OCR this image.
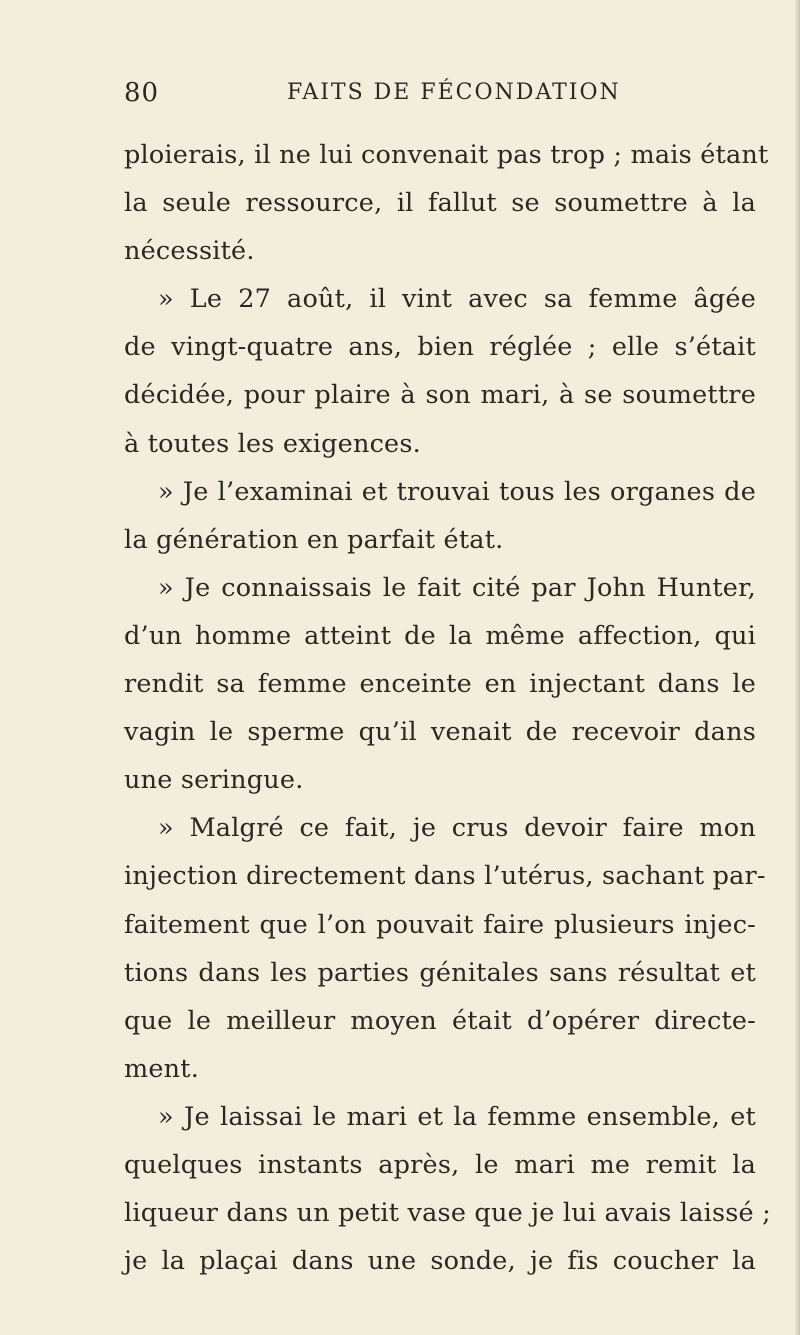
80	FAITS DE FÉCONDATION
ploierais, il ne lui convenait pas trop ; mais étant
la seule ressource, il fallut se soumettre à la
nécessité.
» Le 27 août, il vint avec sa femme âgée
de vingt-quatre ans, bien réglée ; elle s’était
décidée, pour plaire à son mari, à se soumettre
à toutes les exigences.
» Je l’examinai et trouvai tous les organes de
la génération en parfait état.
» Je connaissais le fait cité par John Hunter,
d’un homme atteint de la même affection, qui
rendit sa femme enceinte en injectant dans le
vagin le sperme qu’il venait de recevoir dans
une seringue.
» Malgré ce fait, je crus devoir faire mon
injection directement dans l’utérus, sachant par-
faitement que l’on pouvait faire plusieurs injec-
tions dans les parties génitales sans résultat et
que le meilleur moyen était d’opérer directe-
ment.
» Je laissai le mari et la femme ensemble, et
quelques instants après, le mari me remit la
liqueur dans un petit vase que je lui avais laissé ;
je la plaçai dans une sonde, je fis coucher la
